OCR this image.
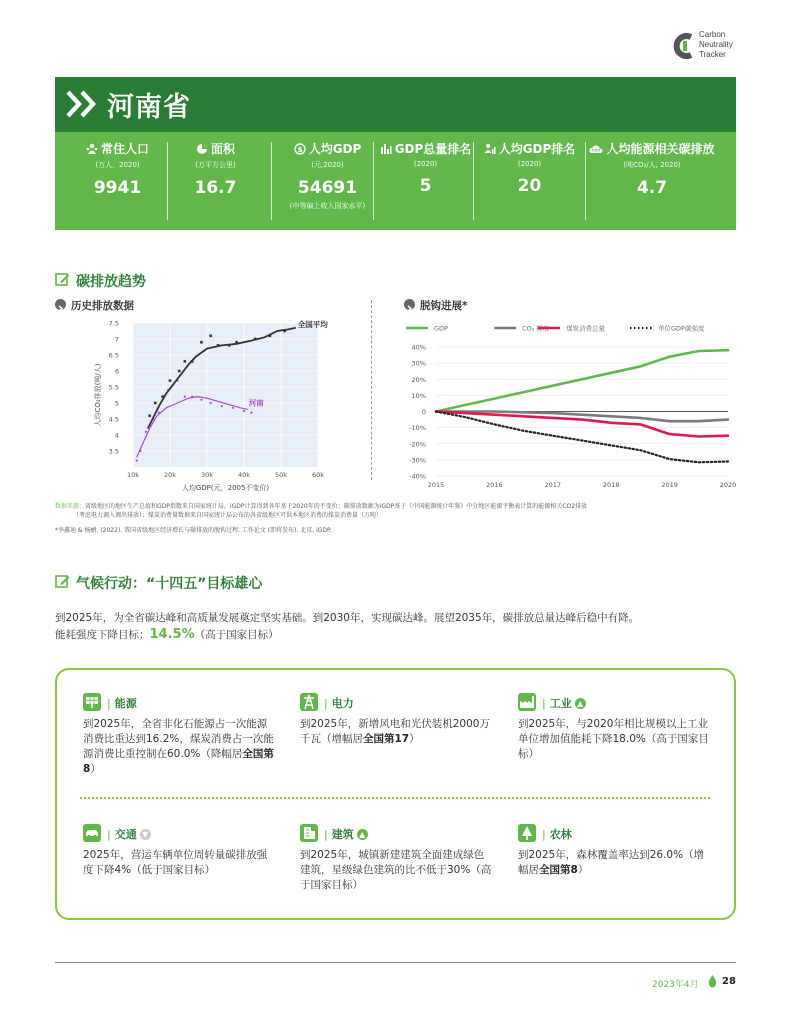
Carbon
Neutrality
Tracker
河南省
常住人口
(万人，2020)
9941
面积
(万平方公里)
16.7
$ 人均GDP
(元,2020)
54691
(中等偏上收入国家水平)
GDP总量排名
(2020)
5
人均GDP排名
(2020)
20
CO2 人均能源相关碳排放
(吨CO₂/人, 2020)
4.7
碳排放趋势
历史排放数据	脱钩进展*
3.5
4
4.5
5
5.5
6
6.5
7
7.5
10k	20k	30k	40k	50k	60k
人均GDP(元，2005不变价)
人均CO₂排放(吨/人)
全国平均
河南
GDP	CO₂ 排放	煤炭消费总量	单位GDP碳强度
40%
30%
20%
10%
0
-10%
-20%
-30%
-40%
2015	2016	2017	2018	2019	2020
数据来源：省级地区的地区生产总值和GDP指数来自国家统计局，iGDP计算得到各年基于2020年的不变价；碳排放数据为iGDP基于《中国能源统计年鉴》中分地区能源平衡表计算的能源相关CO2排放
（考虑电力调入调出排放）；煤炭消费量数据来自国家统计局公布的各省级地区可供本地区消费的煤炭消费量（万吨）
*李鑫迪 & 杨鹂. (2022). 我国省级地区经济增长与碳排放的脱钩过程. 工作论文 (即将发布). 北京, iGDP.
气候行动：“十四五”目标雄心
到2025年，为全省碳达峰和高质量发展奠定坚实基础。到2030年，实现碳达峰。展望2035年，碳排放总量达峰后稳中有降。
能耗强度下降目标：14.5%（高于国家目标）
| 能源
到2025年，全省非化石能源占一次能源消费比重达到16.2%，煤炭消费占一次能源消费比重控制在60.0%（降幅居全国第8）
| 电力
到2025年，新增风电和光伏装机2000万千瓦（增幅居全国第17）
| 工业 ▲
到2025年，与2020年相比规模以上工业单位增加值能耗下降18.0%（高于国家目标）
| 交通 ▼
2025年，营运车辆单位周转量碳排放强度下降4%（低于国家目标）
| 建筑 ▲
到2025年，城镇新建建筑全面建成绿色建筑，星级绿色建筑的比不低于30%（高于国家目标）
| 农林
到2025年，森林覆盖率达到26.0%（增幅居全国第8）
2023年4月 28
